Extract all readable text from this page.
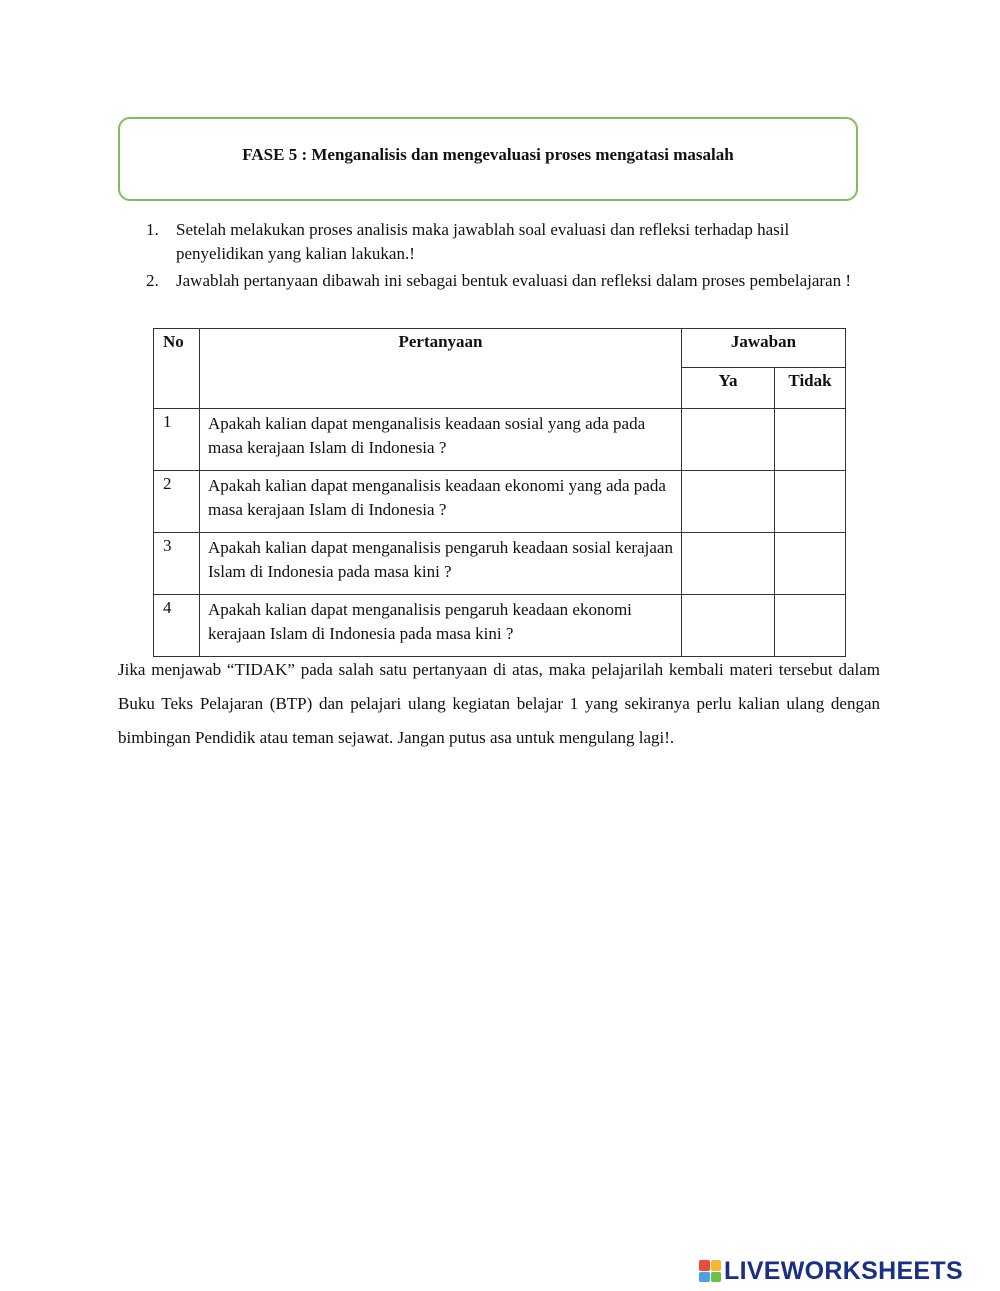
FASE 5 : Menganalisis dan mengevaluasi proses mengatasi masalah
1. Setelah melakukan proses analisis maka jawablah soal evaluasi dan refleksi terhadap hasil penyelidikan yang kalian lakukan.!
2. Jawablah pertanyaan dibawah ini sebagai bentuk evaluasi dan refleksi dalam proses pembelajaran !
No	Pertanyaan	Jawaban	
		Ya	Tidak
1	Apakah kalian dapat menganalisis keadaan sosial yang ada pada masa kerajaan Islam di Indonesia ?		
2	Apakah kalian dapat menganalisis keadaan ekonomi yang ada pada masa kerajaan Islam di Indonesia ?		
3	Apakah kalian dapat menganalisis pengaruh keadaan sosial kerajaan Islam di Indonesia pada masa kini ?		
4	Apakah kalian dapat menganalisis pengaruh keadaan ekonomi kerajaan Islam di Indonesia pada masa kini ?		

Jika menjawab “TIDAK” pada salah satu pertanyaan di atas, maka pelajarilah kembali materi tersebut dalam Buku Teks Pelajaran (BTP) dan pelajari ulang kegiatan belajar 1 yang sekiranya perlu kalian ulang dengan bimbingan Pendidik atau teman sejawat. Jangan putus asa untuk mengulang lagi!.

LIVEWORKSHEETS
